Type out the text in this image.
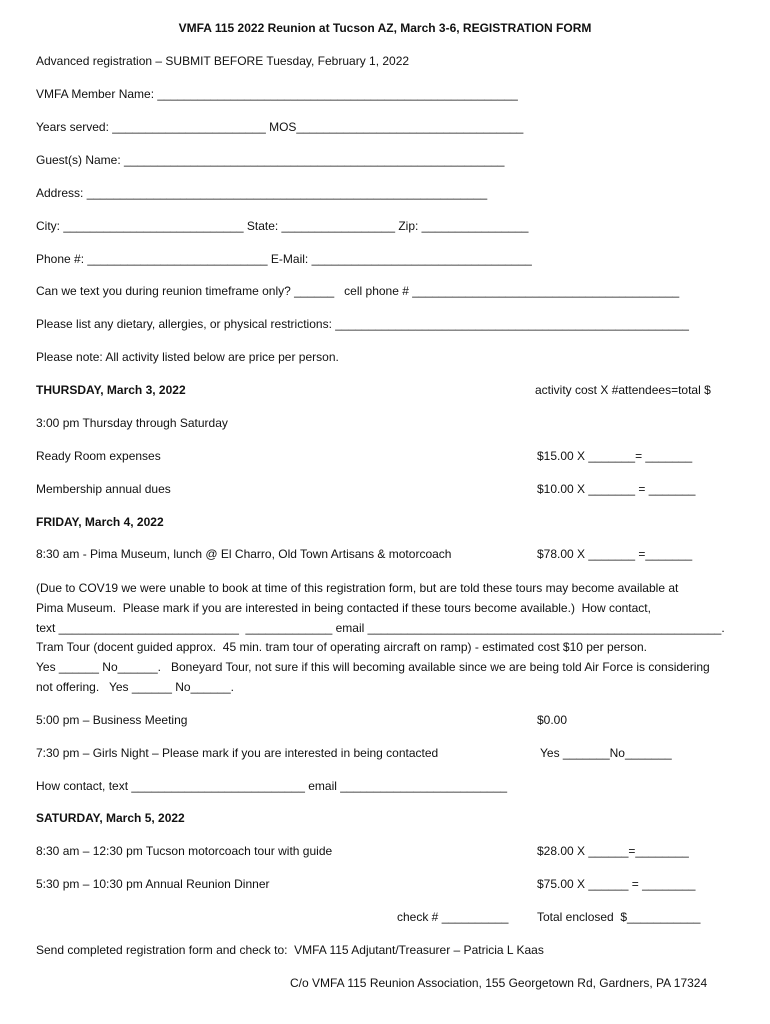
VMFA 115 2022 Reunion at Tucson AZ, March 3-6, REGISTRATION FORM
Advanced registration – SUBMIT BEFORE Tuesday, February 1, 2022
VMFA Member Name: ______________________________________________________
Years served: _______________________ MOS__________________________________
Guest(s) Name: _________________________________________________________
Address: ____________________________________________________________
City: ___________________________ State: _________________ Zip: ________________
Phone #: ___________________________ E-Mail: _________________________________
Can we text you during reunion timeframe only? ______   cell phone # ________________________________________
Please list any dietary, allergies, or physical restrictions: _____________________________________________________
Please note: All activity listed below are price per person.
THURSDAY, March 3, 2022	activity cost X #attendees=total $
3:00 pm Thursday through Saturday
Ready Room expenses	$15.00 X _______= _______
Membership annual dues	$10.00 X _______ = _______
FRIDAY, March 4, 2022
8:30 am - Pima Museum, lunch @ El Charro, Old Town Artisans & motorcoach	$78.00 X _______ =_______
(Due to COV19 we were unable to book at time of this registration form, but are told these tours may become available at
Pima Museum.  Please mark if you are interested in being contacted if these tours become available.)  How contact,
text ___________________________  _____________ email _____________________________________________________.
Tram Tour (docent guided approx.  45 min. tram tour of operating aircraft on ramp) - estimated cost $10 per person.
Yes ______ No______.   Boneyard Tour, not sure if this will becoming available since we are being told Air Force is considering
not offering.   Yes ______ No______.
5:00 pm – Business Meeting	$0.00
7:30 pm – Girls Night – Please mark if you are interested in being contacted	Yes _______No_______
How contact, text __________________________ email _________________________
SATURDAY, March 5, 2022
8:30 am – 12:30 pm Tucson motorcoach tour with guide	$28.00 X ______=________
5:30 pm – 10:30 pm Annual Reunion Dinner	$75.00 X ______ = ________
check # __________ Total enclosed  $___________
Send completed registration form and check to:  VMFA 115 Adjutant/Treasurer – Patricia L Kaas
C/o VMFA 115 Reunion Association, 155 Georgetown Rd, Gardners, PA 17324
